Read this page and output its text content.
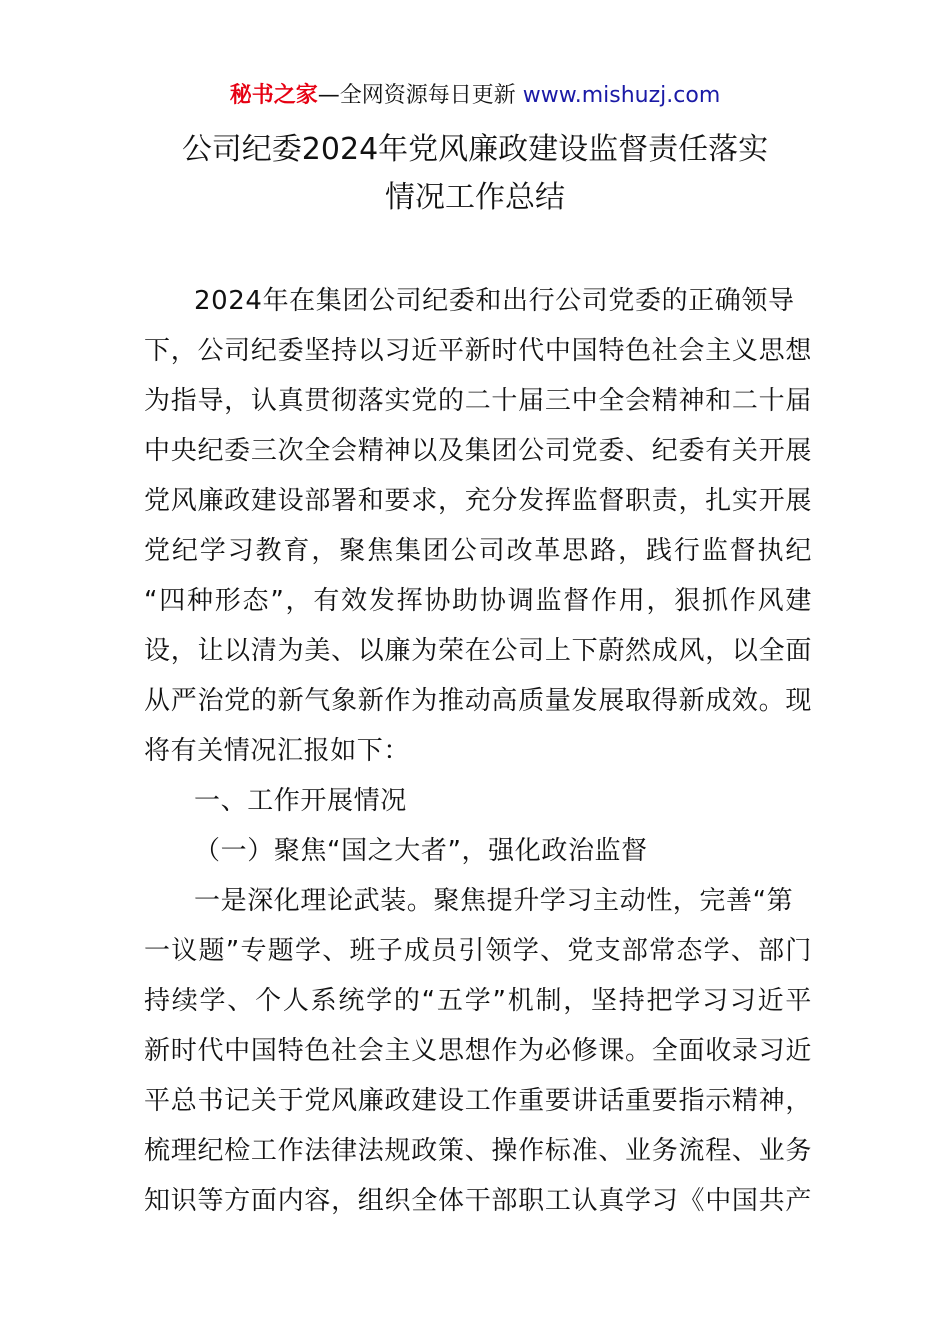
秘书之家—全网资源每日更新 www.mishuzj.com
公司纪委2024年党风廉政建设监督责任落实
情况工作总结
2024年在集团公司纪委和出行公司党委的正确领导
下，公司纪委坚持以习近平新时代中国特色社会主义思想
为指导，认真贯彻落实党的二十届三中全会精神和二十届
中央纪委三次全会精神以及集团公司党委、纪委有关开展
党风廉政建设部署和要求，充分发挥监督职责，扎实开展
党纪学习教育，聚焦集团公司改革思路，践行监督执纪
“四种形态”，有效发挥协助协调监督作用，狠抓作风建
设，让以清为美、以廉为荣在公司上下蔚然成风，以全面
从严治党的新气象新作为推动高质量发展取得新成效。现
将有关情况汇报如下：
一、工作开展情况
（一）聚焦“国之大者”，强化政治监督
一是深化理论武装。聚焦提升学习主动性，完善“第
一议题”专题学、班子成员引领学、党支部常态学、部门
持续学、个人系统学的“五学”机制，坚持把学习习近平
新时代中国特色社会主义思想作为必修课。全面收录习近
平总书记关于党风廉政建设工作重要讲话重要指示精神，
梳理纪检工作法律法规政策、操作标准、业务流程、业务
知识等方面内容，组织全体干部职工认真学习《中国共产
